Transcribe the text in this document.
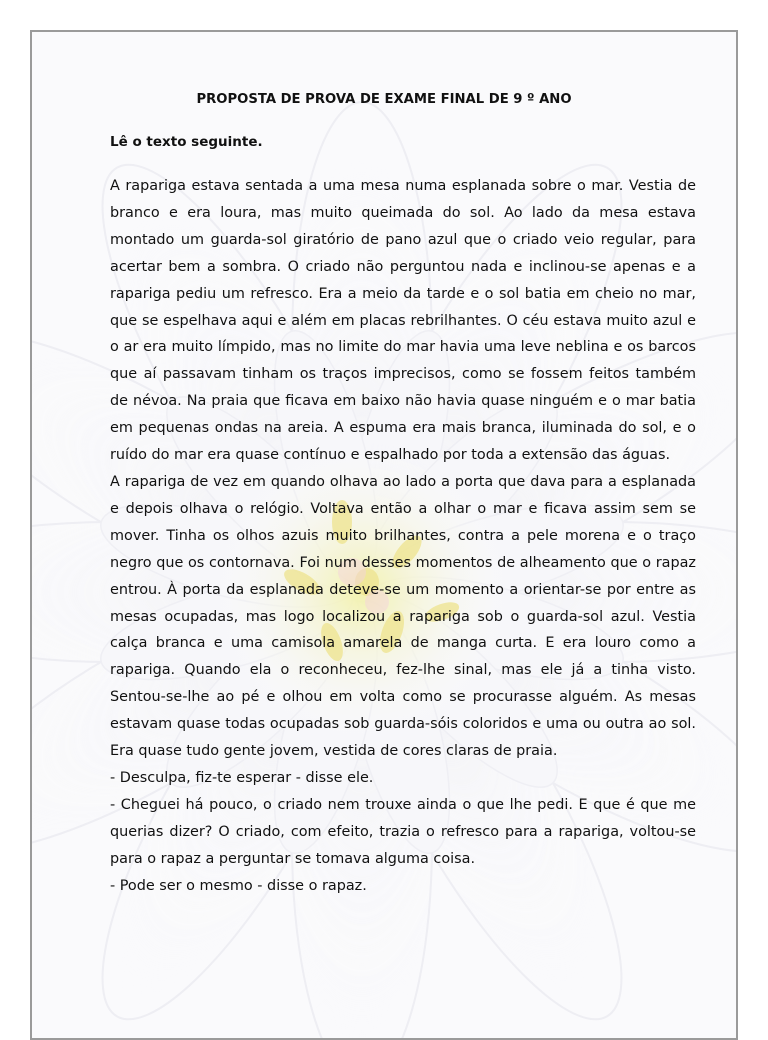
PROPOSTA DE PROVA DE EXAME FINAL DE 9 º ANO

Lê o texto seguinte.

A rapariga estava sentada a uma mesa numa esplanada sobre o mar. Vestia de branco e era loura, mas muito queimada do sol. Ao lado da mesa estava montado um guarda-sol giratório de pano azul que o criado veio regular, para acertar bem a sombra. O criado não perguntou nada e inclinou-se apenas e a rapariga pediu um refresco. Era a meio da tarde e o sol batia em cheio no mar, que se espelhava aqui e além em placas rebrilhantes. O céu estava muito azul e o ar era muito límpido, mas no limite do mar havia uma leve neblina e os barcos que aí passavam tinham os traços imprecisos, como se fossem feitos também de névoa. Na praia que ficava em baixo não havia quase ninguém e o mar batia em pequenas ondas na areia. A espuma era mais branca, iluminada do sol, e o ruído do mar era quase contínuo e espalhado por toda a extensão das águas.

A rapariga de vez em quando olhava ao lado a porta que dava para a esplanada e depois olhava o relógio. Voltava então a olhar o mar e ficava assim sem se mover. Tinha os olhos azuis muito brilhantes, contra a pele morena e o traço negro que os contornava. Foi num desses momentos de alheamento que o rapaz entrou. À porta da esplanada deteve-se um momento a orientar-se por entre as mesas ocupadas, mas logo localizou a rapariga sob o guarda-sol azul. Vestia calça branca e uma camisola amarela de manga curta. E era louro como a rapariga. Quando ela o reconheceu, fez-lhe sinal, mas ele já a tinha visto. Sentou-se-lhe ao pé e olhou em volta como se procurasse alguém. As mesas estavam quase todas ocupadas sob guarda-sóis coloridos e uma ou outra ao sol. Era quase tudo gente jovem, vestida de cores claras de praia.

- Desculpa, fiz-te esperar - disse ele.

- Cheguei há pouco, o criado nem trouxe ainda o que lhe pedi. E que é que me querias dizer? O criado, com efeito, trazia o refresco para a rapariga, voltou-se para o rapaz a perguntar se tomava alguma coisa.

- Pode ser o mesmo - disse o rapaz.
